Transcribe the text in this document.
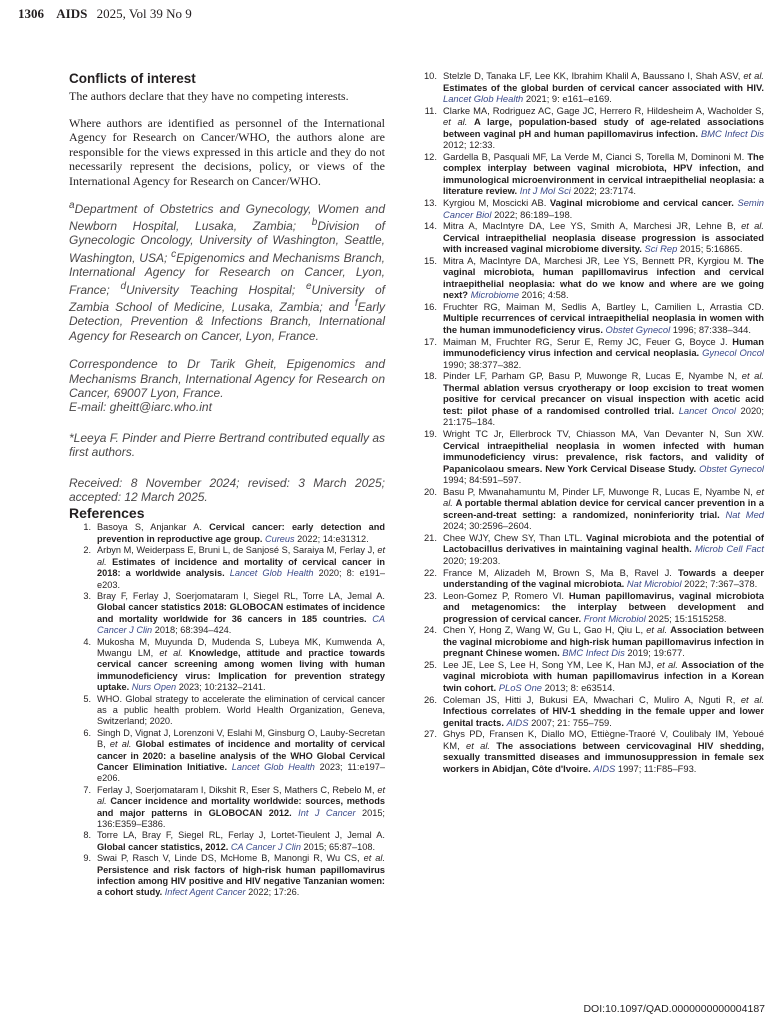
1306 AIDS 2025, Vol 39 No 9
Conflicts of interest

The authors declare that they have no competing interests.

Where authors are identified as personnel of the International Agency for Research on Cancer/WHO, the authors alone are responsible for the views expressed in this article and they do not necessarily represent the decisions, policy, or views of the International Agency for Research on Cancer/WHO.

$^a$Department of Obstetrics and Gynecology, Women and Newborn Hospital, Lusaka, Zambia; $^b$Division of Gynecologic Oncology, University of Washington, Seattle, Washington, USA; $^c$Epigenomics and Mechanisms Branch, International Agency for Research on Cancer, Lyon, France; $^d$University Teaching Hospital; $^e$University of Zambia School of Medicine, Lusaka, Zambia; and $^f$Early Detection, Prevention & Infections Branch, International Agency for Research on Cancer, Lyon, France.

Correspondence to Dr Tarik Gheit, Epigenomics and Mechanisms Branch, International Agency for Research on Cancer, 69007 Lyon, France.

E-mail: gheitt@iarc.who.int

*Leeya F. Pinder and Pierre Bertrand contributed equally as first authors.

Received: 8 November 2024; revised: 3 March 2025; accepted: 12 March 2025.

References
1. Basoya S, Anjankar A. Cervical cancer: early detection and prevention in reproductive age group. Cureus 2022; 14:e31312.
2. Arbyn M, Weiderpass E, Bruni L, de Sanjosé S, Saraiya M, Ferlay J, et al. Estimates of incidence and mortality of cervical cancer in 2018: a worldwide analysis. Lancet Glob Health 2020; 8: e191–e203.
3. Bray F, Ferlay J, Soerjomataram I, Siegel RL, Torre LA, Jemal A. Global cancer statistics 2018: GLOBOCAN estimates of incidence and mortality worldwide for 36 cancers in 185 countries. CA Cancer J Clin 2018; 68:394–424.
4. Mukosha M, Muyunda D, Mudenda S, Lubeya MK, Kumwenda A, Mwangu LM, et al. Knowledge, attitude and practice towards cervical cancer screening among women living with human immunodeficiency virus: Implication for prevention strategy uptake. Nurs Open 2023; 10:2132–2141.
5. WHO. Global strategy to accelerate the elimination of cervical cancer as a public health problem. World Health Organization, Geneva, Switzerland; 2020.
6. Singh D, Vignat J, Lorenzoni V, Eslahi M, Ginsburg O, Lauby-Secretan B, et al. Global estimates of incidence and mortality of cervical cancer in 2020: a baseline analysis of the WHO Global Cervical Cancer Elimination Initiative. Lancet Glob Health 2023; 11:e197–e206.
7. Ferlay J, Soerjomataram I, Dikshit R, Eser S, Mathers C, Rebelo M, et al. Cancer incidence and mortality worldwide: sources, methods and major patterns in GLOBOCAN 2012. Int J Cancer 2015; 136:E359–E386.
8. Torre LA, Bray F, Siegel RL, Ferlay J, Lortet-Tieulent J, Jemal A. Global cancer statistics, 2012. CA Cancer J Clin 2015; 65:87–108.
9. Swai P, Rasch V, Linde DS, McHome B, Manongi R, Wu CS, et al. Persistence and risk factors of high-risk human papillomavirus infection among HIV positive and HIV negative Tanzanian women: a cohort study. Infect Agent Cancer 2022; 17:26.
10. Stelzle D, Tanaka LF, Lee KK, Ibrahim Khalil A, Baussano I, Shah ASV, et al. Estimates of the global burden of cervical cancer associated with HIV. Lancet Glob Health 2021; 9: e161–e169.
11. Clarke MA, Rodriguez AC, Gage JC, Herrero R, Hildesheim A, Wacholder S, et al. A large, population-based study of age-related associations between vaginal pH and human papillomavirus infection. BMC Infect Dis 2012; 12:33.
12. Gardella B, Pasquali MF, La Verde M, Cianci S, Torella M, Dominoni M. The complex interplay between vaginal microbiota, HPV infection, and immunological microenvironment in cervical intraepithelial neoplasia: a literature review. Int J Mol Sci 2022; 23:7174.
13. Kyrgiou M, Moscicki AB. Vaginal microbiome and cervical cancer. Semin Cancer Biol 2022; 86:189–198.
14. Mitra A, MacIntyre DA, Lee YS, Smith A, Marchesi JR, Lehne B, et al. Cervical intraepithelial neoplasia disease progression is associated with increased vaginal microbiome diversity. Sci Rep 2015; 5:16865.
15. Mitra A, MacIntyre DA, Marchesi JR, Lee YS, Bennett PR, Kyrgiou M. The vaginal microbiota, human papillomavirus infection and cervical intraepithelial neoplasia: what do we know and where are we going next? Microbiome 2016; 4:58.
16. Fruchter RG, Maiman M, Sedlis A, Bartley L, Camilien L, Arrastia CD. Multiple recurrences of cervical intraepithelial neoplasia in women with the human immunodeficiency virus. Obstet Gynecol 1996; 87:338–344.
17. Maiman M, Fruchter RG, Serur E, Remy JC, Feuer G, Boyce J. Human immunodeficiency virus infection and cervical neoplasia. Gynecol Oncol 1990; 38:377–382.
18. Pinder LF, Parham GP, Basu P, Muwonge R, Lucas E, Nyambe N, et al. Thermal ablation versus cryotherapy or loop excision to treat women positive for cervical precancer on visual inspection with acetic acid test: pilot phase of a randomised controlled trial. Lancet Oncol 2020; 21:175–184.
19. Wright TC Jr, Ellerbrock TV, Chiasson MA, Van Devanter N, Sun XW. Cervical intraepithelial neoplasia in women infected with human immunodeficiency virus: prevalence, risk factors, and validity of Papanicolaou smears. New York Cervical Disease Study. Obstet Gynecol 1994; 84:591–597.
20. Basu P, Mwanahamuntu M, Pinder LF, Muwonge R, Lucas E, Nyambe N, et al. A portable thermal ablation device for cervical cancer prevention in a screen-and-treat setting: a randomized, noninferiority trial. Nat Med 2024; 30:2596–2604.
21. Chee WJY, Chew SY, Than LTL. Vaginal microbiota and the potential of Lactobacillus derivatives in maintaining vaginal health. Microb Cell Fact 2020; 19:203.
22. France M, Alizadeh M, Brown S, Ma B, Ravel J. Towards a deeper understanding of the vaginal microbiota. Nat Microbiol 2022; 7:367–378.
23. Leon-Gomez P, Romero VI. Human papillomavirus, vaginal microbiota and metagenomics: the interplay between development and progression of cervical cancer. Front Microbiol 2025; 15:1515258.
24. Chen Y, Hong Z, Wang W, Gu L, Gao H, Qiu L, et al. Association between the vaginal microbiome and high-risk human papillomavirus infection in pregnant Chinese women. BMC Infect Dis 2019; 19:677.
25. Lee JE, Lee S, Lee H, Song YM, Lee K, Han MJ, et al. Association of the vaginal microbiota with human papillomavirus infection in a Korean twin cohort. PLoS One 2013; 8: e63514.
26. Coleman JS, Hitti J, Bukusi EA, Mwachari C, Muliro A, Nguti R, et al. Infectious correlates of HIV-1 shedding in the female upper and lower genital tracts. AIDS 2007; 21: 755–759.
27. Ghys PD, Fransen K, Diallo MO, Ettiègne-Traoré V, Coulibaly IM, Yeboué KM, et al. The associations between cervicovaginal HIV shedding, sexually transmitted diseases and immunosuppression in female sex workers in Abidjan, Côte d'Ivoire. AIDS 1997; 11:F85–F93.
DOI:10.1097/QAD.0000000000004187
